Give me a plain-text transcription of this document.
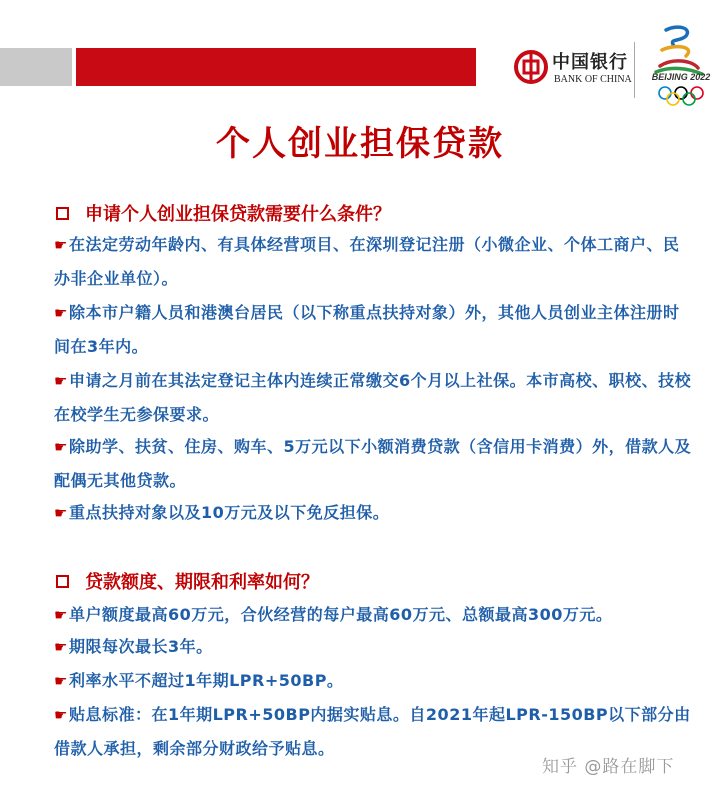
中国银行
BANK OF CHINA	BEIJING 2022
个人创业担保贷款
申请个人创业担保贷款需要什么条件？
☛在法定劳动年龄内、有具体经营项目、在深圳登记注册（小微企业、个体工商户、民办非企业单位）。
☛除本市户籍人员和港澳台居民（以下称重点扶持对象）外，其他人员创业主体注册时间在3年内。
☛申请之月前在其法定登记主体内连续正常缴交6个月以上社保。本市高校、职校、技校在校学生无参保要求。
☛除助学、扶贫、住房、购车、5万元以下小额消费贷款（含信用卡消费）外，借款人及配偶无其他贷款。
☛重点扶持对象以及10万元及以下免反担保。
贷款额度、期限和利率如何？
☛单户额度最高60万元，合伙经营的每户最高60万元、总额最高300万元。
☛期限每次最长3年。
☛利率水平不超过1年期LPR+50BP。
☛贴息标准：在1年期LPR+50BP内据实贴息。自2021年起LPR-150BP以下部分由借款人承担，剩余部分财政给予贴息。
知乎 @路在脚下
